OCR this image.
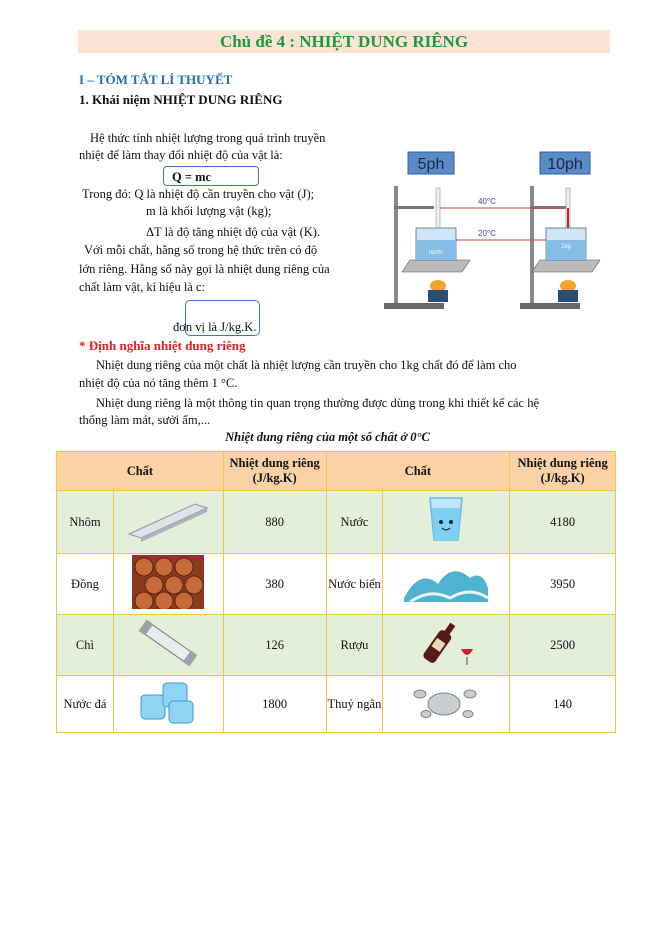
Chủ đề 4 : NHIỆT DUNG RIÊNG
I – TÓM TẮT LÍ THUYẾT
1. Khái niệm NHIỆT DUNG RIÊNG
Hệ thức tính nhiệt lượng trong quá trình truyền
nhiệt để làm thay đổi nhiệt độ của vật là:
Q = mc
Trong đó: Q là nhiệt độ cần truyền cho vật (J);
m là khối lượng vật (kg);
ΔT là độ tăng nhiệt độ của vật (K).
Với mỗi chất, hằng số trong hệ thức trên có độ
lớn riêng. Hằng số này gọi là nhiệt dung riêng của
chất làm vật, kí hiệu là c:
đơn vị là J/kg.K.
5ph	10ph
40°C
20°C
nước
1kg
* Định nghĩa nhiệt dung riêng
Nhiệt dung riêng của một chất là nhiệt lượng cần truyền cho 1kg chất đó để làm cho
nhiệt độ của nó tăng thêm 1 °C.
Nhiệt dung riêng là một thông tin quan trọng thường được dùng trong khi thiết kế các hệ
thống làm mát, sưởi ấm,...
Nhiệt dung riêng của một số chất ở 0°C
Chất		Nhiệt dung riêng (J/kg.K)	Chất		Nhiệt dung riêng (J/kg.K)
Nhôm		880	Nước		4180
Đồng		380	Nước biển		3950
Chì		126	Rượu		2500
Nước đá		1800	Thuỷ ngân		140
